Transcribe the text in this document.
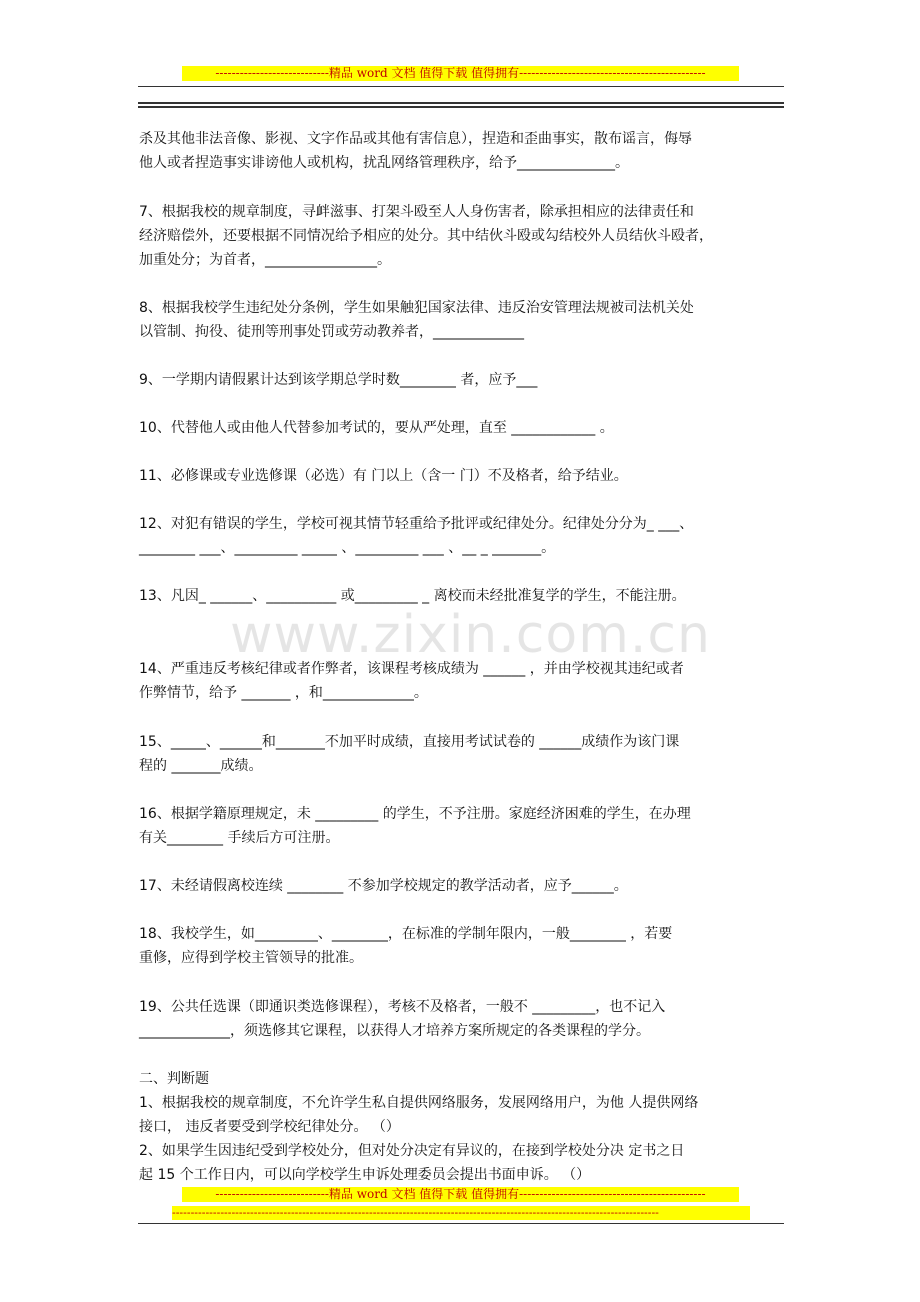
----------------------------精品 word 文档 值得下载 值得拥有----------------------------------------------
www.zixin.com.cn
杀及其他非法音像、影视、文字作品或其他有害信息），捏造和歪曲事实，散布谣言，侮辱
他人或者捏造事实诽谤他人或机构，扰乱网络管理秩序，给予______________。
7、根据我校的规章制度，寻衅滋事、打架斗殴至人人身伤害者，除承担相应的法律责任和
经济赔偿外，还要根据不同情况给予相应的处分。其中结伙斗殴或勾结校外人员结伙斗殴者，
加重处分；为首者，________________。
8、根据我校学生违纪处分条例，学生如果触犯国家法律、违反治安管理法规被司法机关处
以管制、拘役、徒刑等刑事处罚或劳动教养者，_____________
9、一学期内请假累计达到该学期总学时数________ 者，应予___
10、代替他人或由他人代替参加考试的，要从严处理，直至 ____________ 。
11、必修课或专业选修课（必选）有 门以上（含一 门）不及格者，给予结业。
12、对犯有错误的学生，学校可视其情节轻重给予批评或纪律处分。纪律处分分为_ ___、
________ ___、_________ _____ 、_________ ___ 、__ _ _______。
13、凡因_ ______、__________ 或_________ _ 离校而未经批准复学的学生，不能注册。
14、严重违反考核纪律或者作弊者，该课程考核成绩为 ______ ，并由学校视其违纪或者
作弊情节，给予 _______ ，和_____________。
15、_____、______和_______不加平时成绩，直接用考试试卷的 ______成绩作为该门课
程的 _______成绩。
16、根据学籍原理规定，未 _________ 的学生，不予注册。家庭经济困难的学生，在办理
有关________ 手续后方可注册。
17、未经请假离校连续 ________ 不参加学校规定的教学活动者，应予______。
18、我校学生，如_________、________，在标准的学制年限内，一般________ ，若要
重修，应得到学校主管领导的批准。
19、公共任选课（即通识类选修课程），考核不及格者，一般不 _________，也不记入
_____________，须选修其它课程，以获得人才培养方案所规定的各类课程的学分。
二、判断题
1、根据我校的规章制度，不允许学生私自提供网络服务，发展网络用户，为他 人提供网络
接口， 违反者要受到学校纪律处分。 （）
2、如果学生因违纪受到学校处分，但对处分决定有异议的，在接到学校处分决 定书之日
起 15 个工作日内，可以向学校学生申诉处理委员会提出书面申诉。 （）
----------------------------精品 word 文档 值得下载 值得拥有----------------------------------------------
-----------------------------------------------------------------------------------------------------------------------------------
